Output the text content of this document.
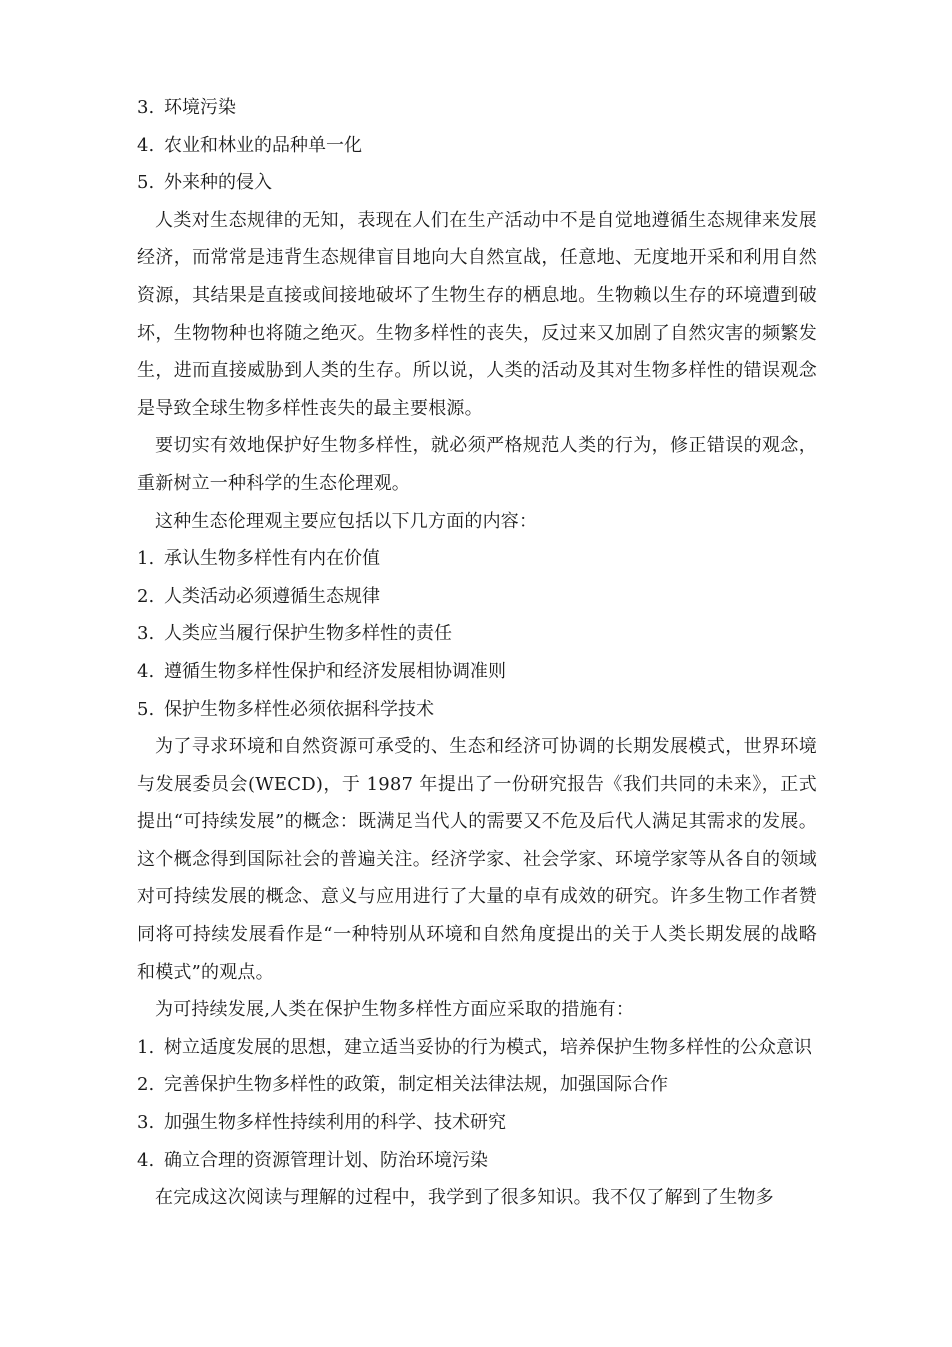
3. 环境污染
4. 农业和林业的品种单一化
5. 外来种的侵入

人类对生态规律的无知，表现在人们在生产活动中不是自觉地遵循生态规律来发展经济，而常常是违背生态规律盲目地向大自然宣战，任意地、无度地开采和利用自然资源，其结果是直接或间接地破坏了生物生存的栖息地。生物赖以生存的环境遭到破坏，生物物种也将随之绝灭。生物多样性的丧失，反过来又加剧了自然灾害的频繁发生，进而直接威胁到人类的生存。所以说，人类的活动及其对生物多样性的错误观念是导致全球生物多样性丧失的最主要根源。

要切实有效地保护好生物多样性，就必须严格规范人类的行为，修正错误的观念，重新树立一种科学的生态伦理观。

这种生态伦理观主要应包括以下几方面的内容：

1. 承认生物多样性有内在价值
2. 人类活动必须遵循生态规律
3. 人类应当履行保护生物多样性的责任
4. 遵循生物多样性保护和经济发展相协调准则
5. 保护生物多样性必须依据科学技术

为了寻求环境和自然资源可承受的、生态和经济可协调的长期发展模式，世界环境与发展委员会(WECD)，于 1987 年提出了一份研究报告《我们共同的未来》，正式提出“可持续发展”的概念：既满足当代人的需要又不危及后代人满足其需求的发展。这个概念得到国际社会的普遍关注。经济学家、社会学家、环境学家等从各自的领域对可持续发展的概念、意义与应用进行了大量的卓有成效的研究。许多生物工作者赞同将可持续发展看作是“一种特别从环境和自然角度提出的关于人类长期发展的战略和模式”的观点。

为可持续发展,人类在保护生物多样性方面应采取的措施有：

1. 树立适度发展的思想，建立适当妥协的行为模式，培养保护生物多样性的公众意识
2. 完善保护生物多样性的政策，制定相关法律法规，加强国际合作
3. 加强生物多样性持续利用的科学、技术研究
4. 确立合理的资源管理计划、防治环境污染

在完成这次阅读与理解的过程中，我学到了很多知识。我不仅了解到了生物多
